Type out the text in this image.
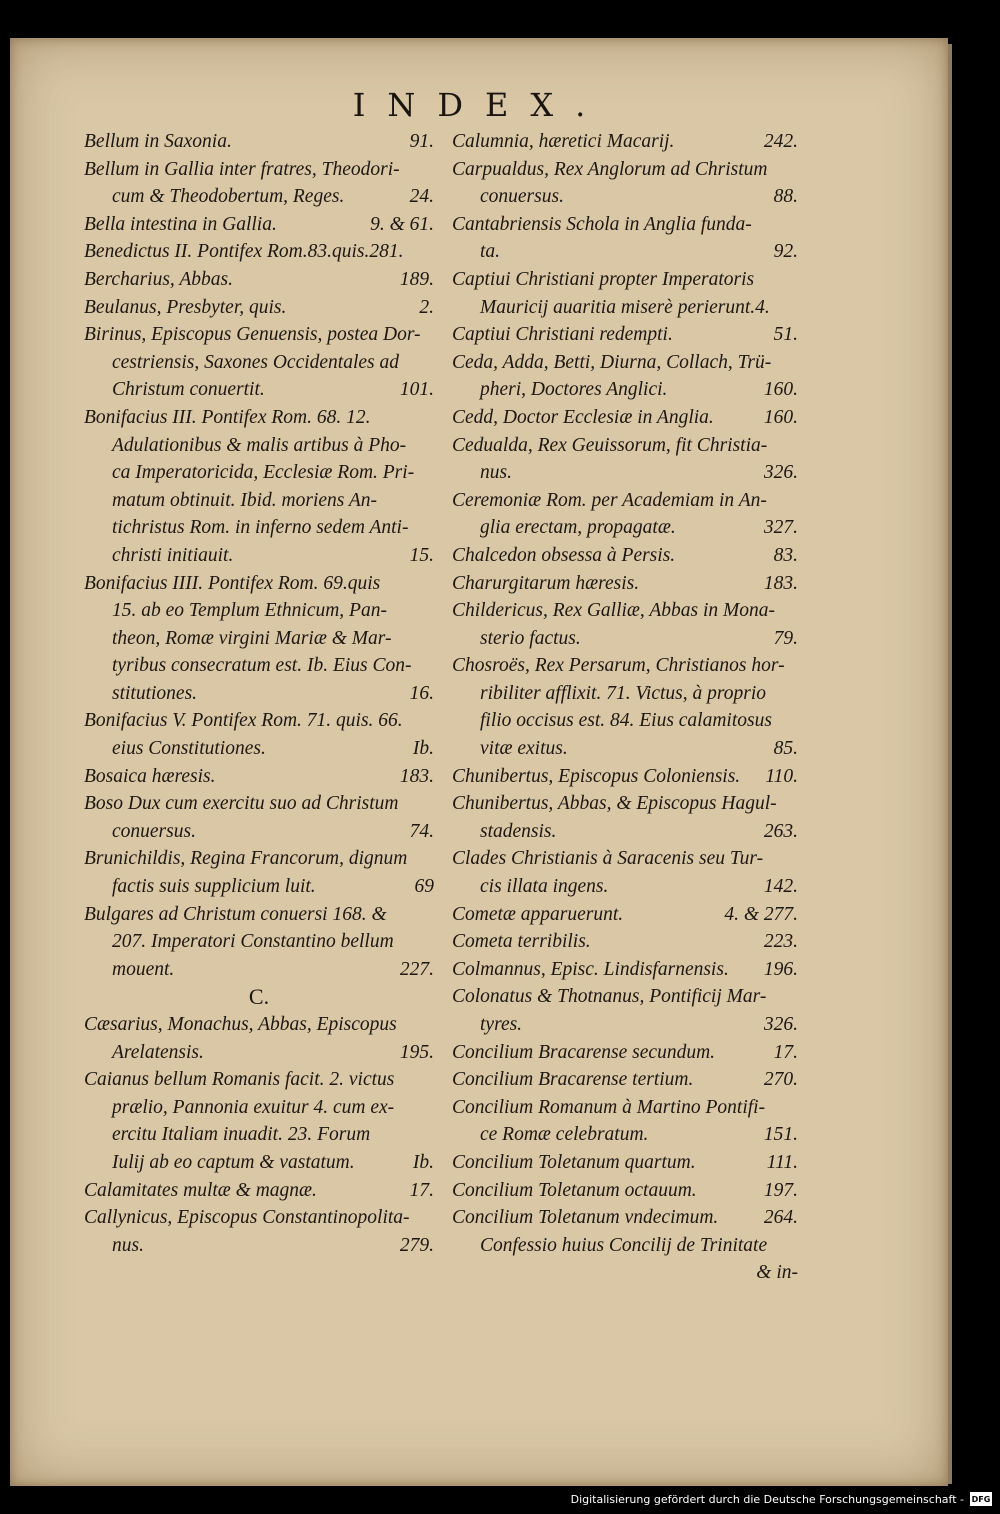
INDEX.
Bellum in Saxonia.	91.
Bellum in Gallia inter fratres, Theodori-
cum & Theodobertum, Reges.	24.
Bella intestina in Gallia.	9. & 61.
Benedictus II. Pontifex Rom.83.quis.281.
Bercharius, Abbas.	189.
Beulanus, Presbyter, quis.	2.
Birinus, Episcopus Genuensis, postea Dor-
cestriensis, Saxones Occidentales ad
Christum conuertit.	101.
Bonifacius III. Pontifex Rom. 68. 12.
Adulationibus & malis artibus à Pho-
ca Imperatoricida, Ecclesiæ Rom. Pri-
matum obtinuit. Ibid. moriens An-
tichristus Rom. in inferno sedem Anti-
christi initiauit.	15.
Bonifacius IIII. Pontifex Rom. 69.quis
15. ab eo Templum Ethnicum, Pan-
theon, Romæ virgini Mariæ & Mar-
tyribus consecratum est. Ib. Eius Con-
stitutiones.	16.
Bonifacius V. Pontifex Rom. 71. quis. 66.
eius Constitutiones.	Ib.
Bosaica hæresis.	183.
Boso Dux cum exercitu suo ad Christum
conuersus.	74.
Brunichildis, Regina Francorum, dignum
factis suis supplicium luit.	69
Bulgares ad Christum conuersi 168. &
207. Imperatori Constantino bellum
mouent.	227.
C.
Cæsarius, Monachus, Abbas, Episcopus
Arelatensis.	195.
Caianus bellum Romanis facit. 2. victus
prælio, Pannonia exuitur 4. cum ex-
ercitu Italiam inuadit. 23. Forum
Iulij ab eo captum & vastatum.	Ib.
Calamitates multæ & magnæ.	17.
Callynicus, Episcopus Constantinopolita-
nus.	279.
Calumnia, hæretici Macarij.	242.
Carpualdus, Rex Anglorum ad Christum
conuersus.	88.
Cantabriensis Schola in Anglia funda-
ta.	92.
Captiui Christiani propter Imperatoris
Mauricij auaritia miserè perierunt.4.
Captiui Christiani redempti.	51.
Ceda, Adda, Betti, Diurna, Collach, Trü-
pheri, Doctores Anglici.	160.
Cedd, Doctor Ecclesiæ in Anglia.	160.
Cedualda, Rex Geuissorum, fit Christia-
nus.	326.
Ceremoniæ Rom. per Academiam in An-
glia erectam, propagatæ.	327.
Chalcedon obsessa à Persis.	83.
Charurgitarum hæresis.	183.
Childericus, Rex Galliæ, Abbas in Mona-
sterio factus.	79.
Chosroës, Rex Persarum, Christianos hor-
ribiliter afflixit. 71. Victus, à proprio
filio occisus est. 84. Eius calamitosus
vitæ exitus.	85.
Chunibertus, Episcopus Coloniensis. 110.
Chunibertus, Abbas, & Episcopus Hagul-
stadensis.	263.
Clades Christianis à Saracenis seu Tur-
cis illata ingens.	142.
Cometæ apparuerunt.	4. & 277.
Cometa terribilis.	223.
Colmannus, Episc. Lindisfarnensis. 196.
Colonatus & Thotnanus, Pontificij Mar-
tyres.	326.
Concilium Bracarense secundum.	17.
Concilium Bracarense tertium.	270.
Concilium Romanum à Martino Pontifi-
ce Romæ celebratum.	151.
Concilium Toletanum quartum.	111.
Concilium Toletanum octauum.	197.
Concilium Toletanum vndecimum. 264.
Confessio huius Concilij de Trinitate
& in-
Digitalisierung gefördert durch die Deutsche Forschungsgemeinschaft - DFG
